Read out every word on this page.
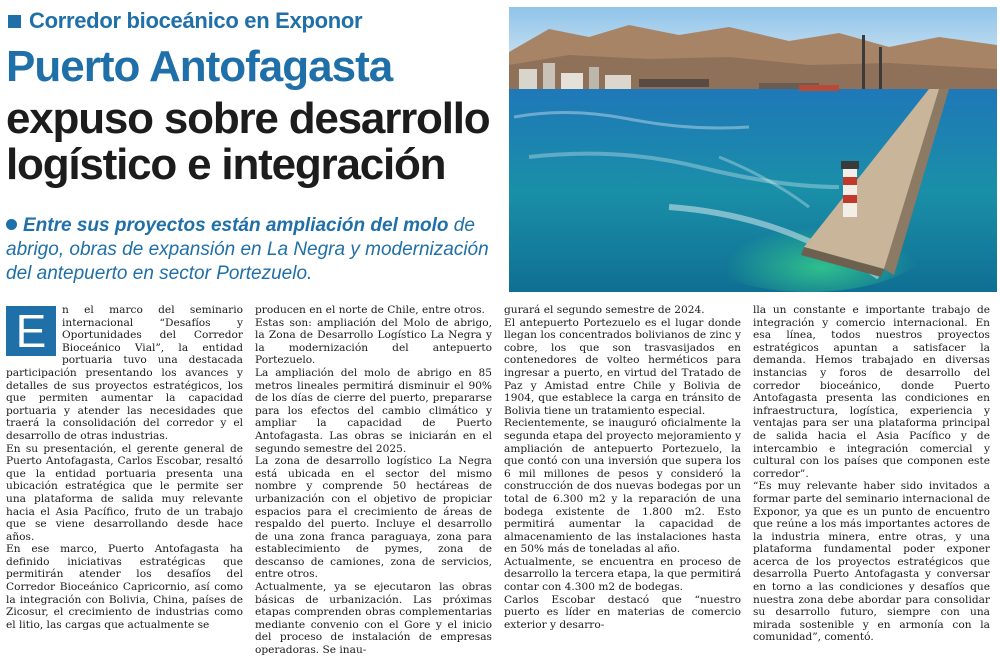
Corredor bioceánico en Exponor
Puerto Antofagasta
expuso sobre desarrollo logístico e integración
Entre sus proyectos están ampliación del molo de abrigo, obras de expansión en La Negra y modernización del antepuerto en sector Portezuelo.
E	n el marco del seminario internacional “Desafíos y Oportunidades del Corredor Bioceánico Vial”, la entidad portuaria tuvo una destacada participación presentando los avances y detalles de sus proyectos estratégicos, los que permiten aumentar la capacidad portuaria y atender las necesidades que traerá la consolidación del corredor y el desarrollo de otras industrias.

En su presentación, el gerente general de Puerto Antofagasta, Carlos Escobar, resaltó que la entidad portuaria presenta una ubicación estratégica que le permite ser una plataforma de salida muy relevante hacia el Asia Pacífico, fruto de un trabajo que se viene desarrollando desde hace años.

En ese marco, Puerto Antofagasta ha definido iniciativas estratégicas que permitirán atender los desafíos del Corredor Bioceánico Capricornio, así como la integración con Bolivia, China, países de Zicosur, el crecimiento de industrias como el litio, las cargas que actualmente se

producen en el norte de Chile, entre otros.

Estas son: ampliación del Molo de abrigo, la Zona de Desarrollo Logístico La Negra y la modernización del antepuerto Portezuelo.

La ampliación del molo de abrigo en 85 metros lineales permitirá disminuir el 90% de los días de cierre del puerto, prepararse para los efectos del cambio climático y ampliar la capacidad de Puerto Antofagasta. Las obras se iniciarán en el segundo semestre del 2025.

La zona de desarrollo logístico La Negra está ubicada en el sector del mismo nombre y comprende 50 hectáreas de urbanización con el objetivo de propiciar espacios para el crecimiento de áreas de respaldo del puerto. Incluye el desarrollo de una zona franca paraguaya, zona para establecimiento de pymes, zona de descanso de camiones, zona de servicios, entre otros.

Actualmente, ya se ejecutaron las obras básicas de urbanización. Las próximas etapas comprenden obras complementarias mediante convenio con el Gore y el inicio del proceso de instalación de empresas operadoras. Se inau-

gurará el segundo semestre de 2024.

El antepuerto Portezuelo es el lugar donde llegan los concentrados bolivianos de zinc y cobre, los que son trasvasijados en contenedores de volteo herméticos para ingresar a puerto, en virtud del Tratado de Paz y Amistad entre Chile y Bolivia de 1904, que establece la carga en tránsito de Bolivia tiene un tratamiento especial.

Recientemente, se inauguró oficialmente la segunda etapa del proyecto mejoramiento y ampliación de antepuerto Portezuelo, la que contó con una inversión que supera los 6 mil millones de pesos y consideró la construcción de dos nuevas bodegas por un total de 6.300 m2 y la reparación de una bodega existente de 1.800 m2. Esto permitirá aumentar la capacidad de almacenamiento de las instalaciones hasta en 50% más de toneladas al año.

Actualmente, se encuentra en proceso de desarrollo la tercera etapa, la que permitirá contar con 4.300 m2 de bodegas.

Carlos Escobar destacó que “nuestro puerto es líder en materias de comercio exterior y desarro-

lla un constante e importante trabajo de integración y comercio internacional. En esa línea, todos nuestros proyectos estratégicos apuntan a satisfacer la demanda. Hemos trabajado en diversas instancias y foros de desarrollo del corredor bioceánico, donde Puerto Antofagasta presenta las condiciones en infraestructura, logística, experiencia y ventajas para ser una plataforma principal de salida hacia el Asia Pacífico y de intercambio e integración comercial y cultural con los países que componen este corredor”.

“Es muy relevante haber sido invitados a formar parte del seminario internacional de Exponor, ya que es un punto de encuentro que reúne a los más importantes actores de la industria minera, entre otras, y una plataforma fundamental poder exponer acerca de los proyectos estratégicos que desarrolla Puerto Antofagasta y conversar en torno a las condiciones y desafíos que nuestra zona debe abordar para consolidar su desarrollo futuro, siempre con una mirada sostenible y en armonía con la comunidad”, comentó.
